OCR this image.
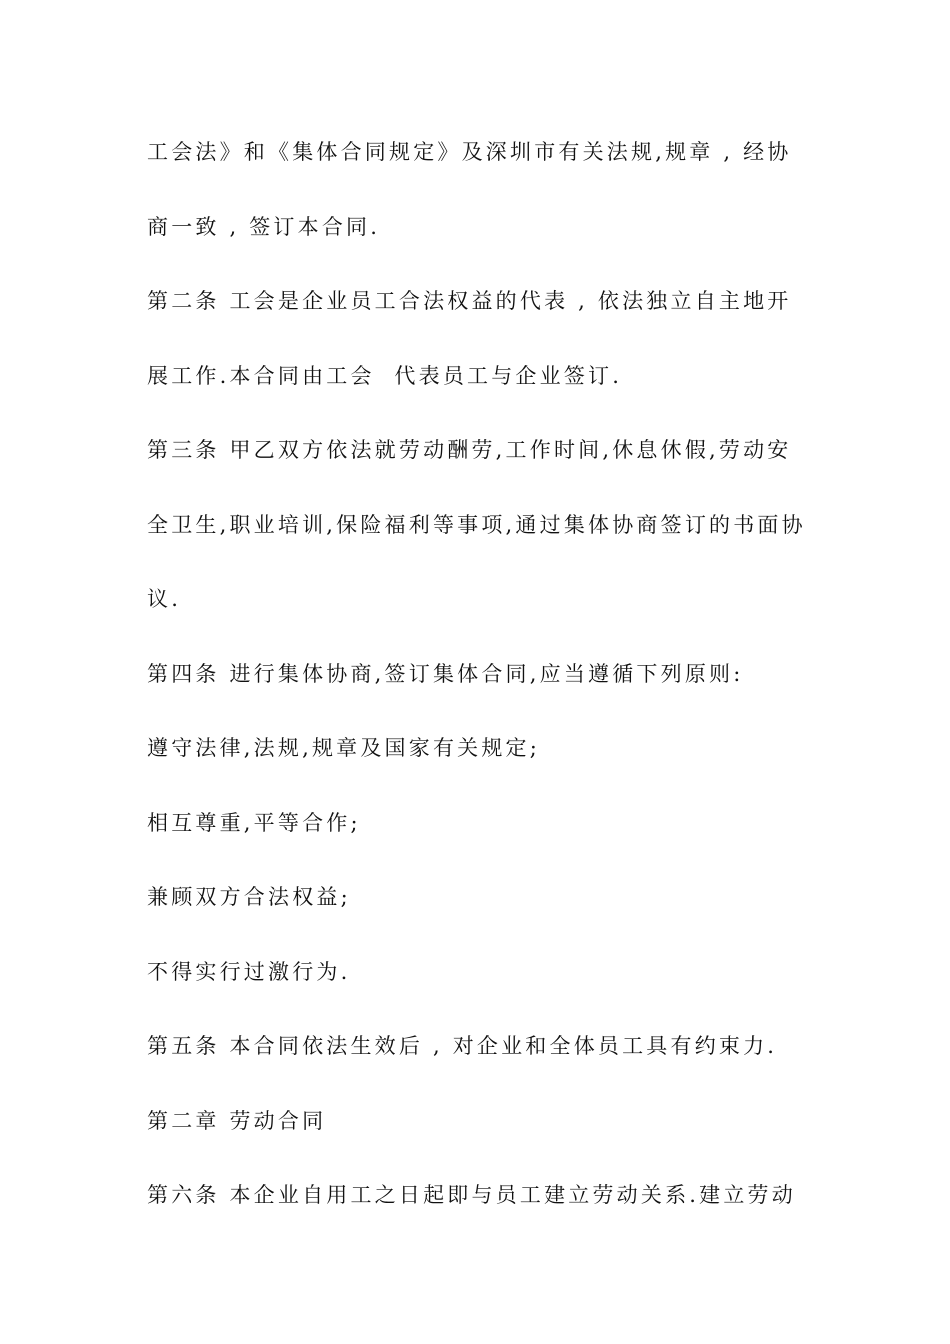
工会法》和《集体合同规定》及深圳市有关法规,规章 , 经协
商一致 , 签订本合同.
第二条 工会是企业员工合法权益的代表 , 依法独立自主地开
展工作.本合同由工会  代表员工与企业签订.
第三条 甲乙双方依法就劳动酬劳,工作时间,休息休假,劳动安
全卫生,职业培训,保险福利等事项,通过集体协商签订的书面协
议.
第四条 进行集体协商,签订集体合同,应当遵循下列原则:
遵守法律,法规,规章及国家有关规定;
相互尊重,平等合作;
兼顾双方合法权益;
不得实行过激行为.
第五条 本合同依法生效后 , 对企业和全体员工具有约束力.
第二章 劳动合同
第六条 本企业自用工之日起即与员工建立劳动关系.建立劳动
